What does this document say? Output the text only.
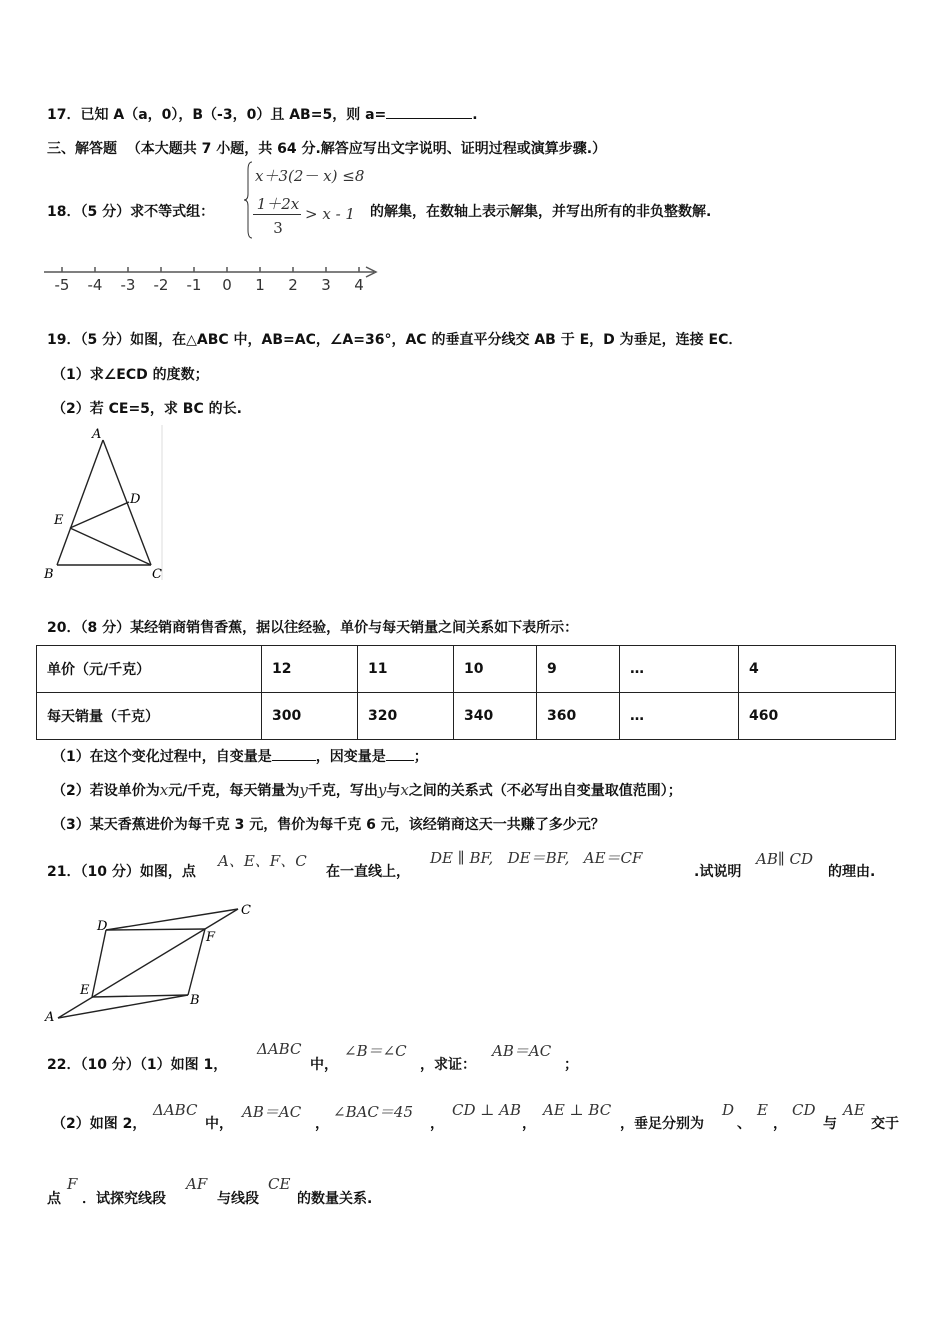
17．已知 A（a，0），B（-3，0）且 AB=5，则 a=	.
三、解答题 （本大题共 7 小题，共 64 分.解答应写出文字说明、证明过程或演算步骤.）
18．（5 分）求不等式组：
x＋3(2－ x) ≤8
1＋2x
3
> x - 1 的解集，在数轴上表示解集，并写出所有的非负整数解.
-5	-4	-3	-2	-1	0	1	2	3	4
19．（5 分）如图，在△ABC 中，AB=AC，∠A=36°，AC 的垂直平分线交 AB 于 E，D 为垂足，连接 EC．
（1）求∠ECD 的度数；
（2）若 CE=5，求 BC 的长.
A
D
E
B	C
20．（8 分）某经销商销售香蕉，据以往经验，单价与每天销量之间关系如下表所示：
单价（元/千克）	12	11	10	9	…	4
每天销量（千克）	300	320	340	360	…	460
（1）在这个变化过程中，自变量是	，因变量是 ；
（2）若设单价为x元/千克，每天销量为y千克，写出y与x之间的关系式（不必写出自变量取值范围）；
（3）某天香蕉进价为每千克 3 元，售价为每千克 6 元，该经销商这天一共赚了多少元？
21．（10 分）如图，点
A、E、F、C
在一直线上，
DE ∥ BF,   DE＝BF,   AE＝CF
.试说明
AB∥ CD
的理由.
C
D
F
E
B
A
22．（10 分）（1）如图 1，
ΔABC
中，
∠B＝∠C
，求证：
AB＝AC
；
（2）如图 2，
ΔABC
中，
AB＝AC
，
∠BAC＝45
，
CD ⊥ AB
，
AE ⊥ BC
，垂足分别为
D
、
E
，
CD
与
AE
交于
点
F
．试探究线段
AF
与线段
CE
的数量关系.
